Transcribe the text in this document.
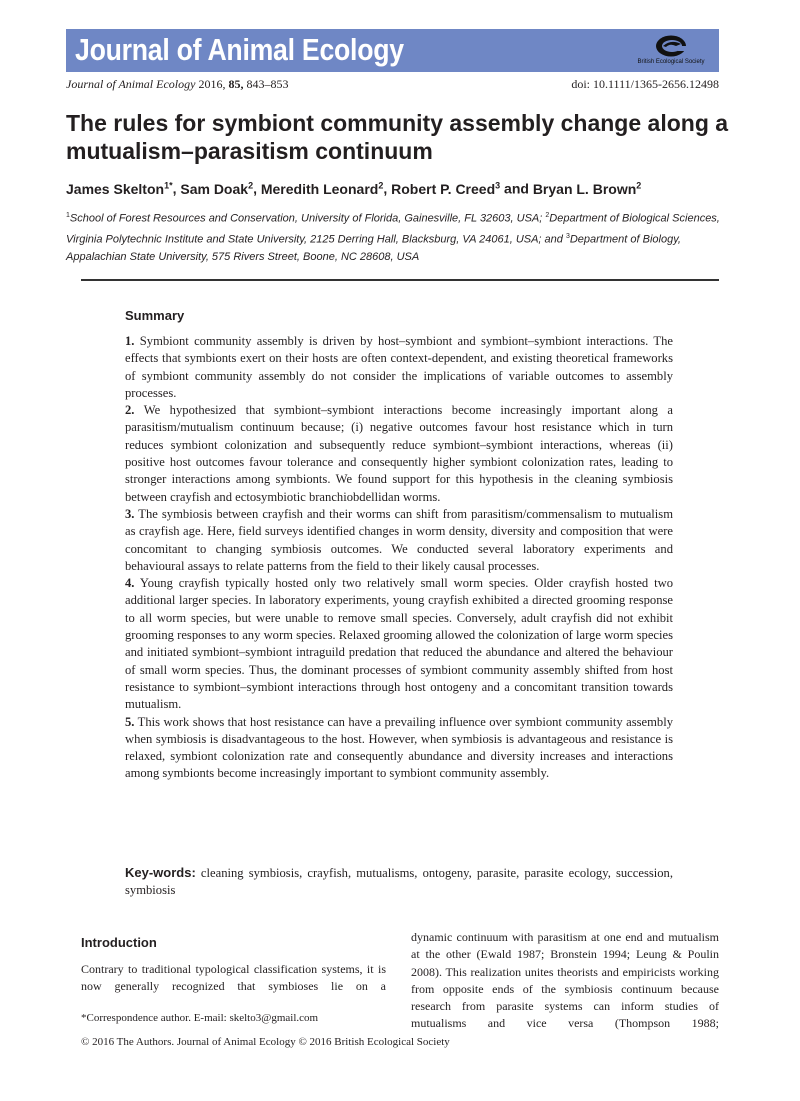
Journal of Animal Ecology	British Ecological Society
Journal of Animal Ecology 2016, 85, 843–853	doi: 10.1111/1365-2656.12498
The rules for symbiont community assembly change along a mutualism–parasitism continuum
James Skelton$^{1*}$, Sam Doak$^2$, Meredith Leonard$^2$, Robert P. Creed$^3$ and Bryan L. Brown$^2$
$^1$School of Forest Resources and Conservation, University of Florida, Gainesville, FL 32603, USA; $^2$Department of Biological Sciences, Virginia Polytechnic Institute and State University, 2125 Derring Hall, Blacksburg, VA 24061, USA; and $^3$Department of Biology, Appalachian State University, 575 Rivers Street, Boone, NC 28608, USA
Summary

1. Symbiont community assembly is driven by host–symbiont and symbiont–symbiont interactions. The effects that symbionts exert on their hosts are often context-dependent, and existing theoretical frameworks of symbiont community assembly do not consider the implications of variable outcomes to assembly processes.

2. We hypothesized that symbiont–symbiont interactions become increasingly important along a parasitism/mutualism continuum because; (i) negative outcomes favour host resistance which in turn reduces symbiont colonization and subsequently reduce symbiont–symbiont interactions, whereas (ii) positive host outcomes favour tolerance and consequently higher symbiont colonization rates, leading to stronger interactions among symbionts. We found support for this hypothesis in the cleaning symbiosis between crayfish and ectosymbiotic branchiobdellidan worms.

3. The symbiosis between crayfish and their worms can shift from parasitism/commensalism to mutualism as crayfish age. Here, field surveys identified changes in worm density, diversity and composition that were concomitant to changing symbiosis outcomes. We conducted several laboratory experiments and behavioural assays to relate patterns from the field to their likely causal processes.

4. Young crayfish typically hosted only two relatively small worm species. Older crayfish hosted two additional larger species. In laboratory experiments, young crayfish exhibited a directed grooming response to all worm species, but were unable to remove small species. Conversely, adult crayfish did not exhibit grooming responses to any worm species. Relaxed grooming allowed the colonization of large worm species and initiated symbiont–symbiont intraguild predation that reduced the abundance and altered the behaviour of small worm species. Thus, the dominant processes of symbiont community assembly shifted from host resistance to symbiont–symbiont interactions through host ontogeny and a concomitant transition towards mutualism.

5. This work shows that host resistance can have a prevailing influence over symbiont community assembly when symbiosis is disadvantageous to the host. However, when symbiosis is advantageous and resistance is relaxed, symbiont colonization rate and consequently abundance and diversity increases and interactions among symbionts become increasingly important to symbiont community assembly.

Key-words: cleaning symbiosis, crayfish, mutualisms, ontogeny, parasite, parasite ecology, succession, symbiosis
Introduction
Contrary to traditional typological classification systems, it is now generally recognized that symbioses lie on a
dynamic continuum with parasitism at one end and mutualism at the other (Ewald 1987; Bronstein 1994; Leung & Poulin 2008). This realization unites theorists and empiricists working from opposite ends of the symbiosis continuum because research from parasite systems can inform studies of mutualisms and vice versa (Thompson 1988;
*Correspondence author. E-mail: skelto3@gmail.com
© 2016 The Authors. Journal of Animal Ecology © 2016 British Ecological Society
